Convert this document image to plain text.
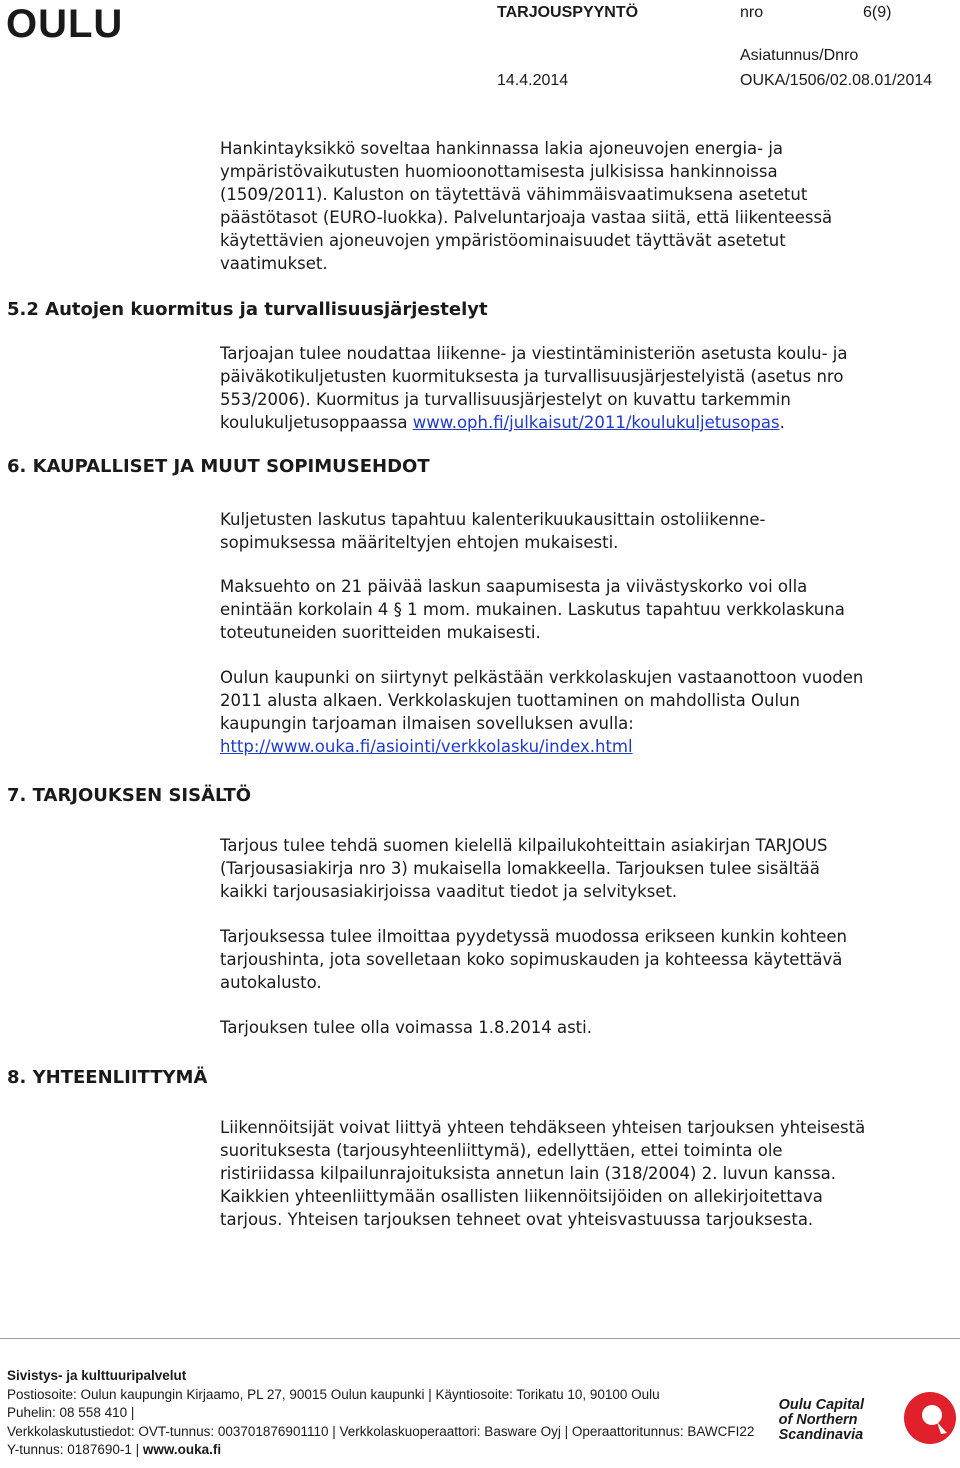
OULU	TARJOUSPYYNTÖ	nro	6(9)
Asiatunnus/Dnro
14.4.2014	OUKA/1506/02.08.01/2014

Hankintayksikkö soveltaa hankinnassa lakia ajoneuvojen energia- ja

ympäristövaikutusten huomioonottamisesta julkisissa hankinnoissa

(1509/2011). Kaluston on täytettävä vähimmäisvaatimuksena asetetut

päästötasot (EURO-luokka). Palveluntarjoaja vastaa siitä, että liikenteessä

käytettävien ajoneuvojen ympäristöominaisuudet täyttävät asetetut

vaatimukset.

5.2 Autojen kuormitus ja turvallisuusjärjestelyt

Tarjoajan tulee noudattaa liikenne- ja viestintäministeriön asetusta koulu- ja

päiväkotikuljetusten kuormituksesta ja turvallisuusjärjestelyistä (asetus nro

553/2006). Kuormitus ja turvallisuusjärjestelyt on kuvattu tarkemmin

koulukuljetusoppaassa www.oph.fi/julkaisut/2011/koulukuljetusopas.

6. KAUPALLISET JA MUUT SOPIMUSEHDOT

Kuljetusten laskutus tapahtuu kalenterikuukausittain ostoliikenne-

sopimuksessa määriteltyjen ehtojen mukaisesti.

Maksuehto on 21 päivää laskun saapumisesta ja viivästyskorko voi olla

enintään korkolain 4 § 1 mom. mukainen. Laskutus tapahtuu verkkolaskuna

toteutuneiden suoritteiden mukaisesti.

Oulun kaupunki on siirtynyt pelkästään verkkolaskujen vastaanottoon vuoden

2011 alusta alkaen. Verkkolaskujen tuottaminen on mahdollista Oulun

kaupungin tarjoaman ilmaisen sovelluksen avulla:

http://www.ouka.fi/asiointi/verkkolasku/index.html

7. TARJOUKSEN SISÄLTÖ

Tarjous tulee tehdä suomen kielellä kilpailukohteittain asiakirjan TARJOUS

(Tarjousasiakirja nro 3) mukaisella lomakkeella. Tarjouksen tulee sisältää

kaikki tarjousasiakirjoissa vaaditut tiedot ja selvitykset.

Tarjouksessa tulee ilmoittaa pyydetyssä muodossa erikseen kunkin kohteen

tarjoushinta, jota sovelletaan koko sopimuskauden ja kohteessa käytettävä

autokalusto.

Tarjouksen tulee olla voimassa 1.8.2014 asti.

8. YHTEENLIITTYMÄ

Liikennöitsijät voivat liittyä yhteen tehdäkseen yhteisen tarjouksen yhteisestä

suorituksesta (tarjousyhteenliittymä), edellyttäen, ettei toiminta ole

ristiriidassa kilpailunrajoituksista annetun lain (318/2004) 2. luvun kanssa.

Kaikkien yhteenliittymään osallisten liikennöitsijöiden on allekirjoitettava

tarjous. Yhteisen tarjouksen tehneet ovat yhteisvastuussa tarjouksesta.

Sivistys- ja kulttuuripalvelut

Postiosoite: Oulun kaupungin Kirjaamo, PL 27, 90015 Oulun kaupunki | Käyntiosoite: Torikatu 10, 90100 Oulu

Puhelin: 08 558 410 |

Verkkolaskutustiedot: OVT-tunnus: 003701876901110 | Verkkolaskuoperaattori: Basware Oyj | Operaattoritunnus: BAWCFI22

Y-tunnus: 0187690-1 | www.ouka.fi

Oulu Capital
of Northern
Scandinavia
